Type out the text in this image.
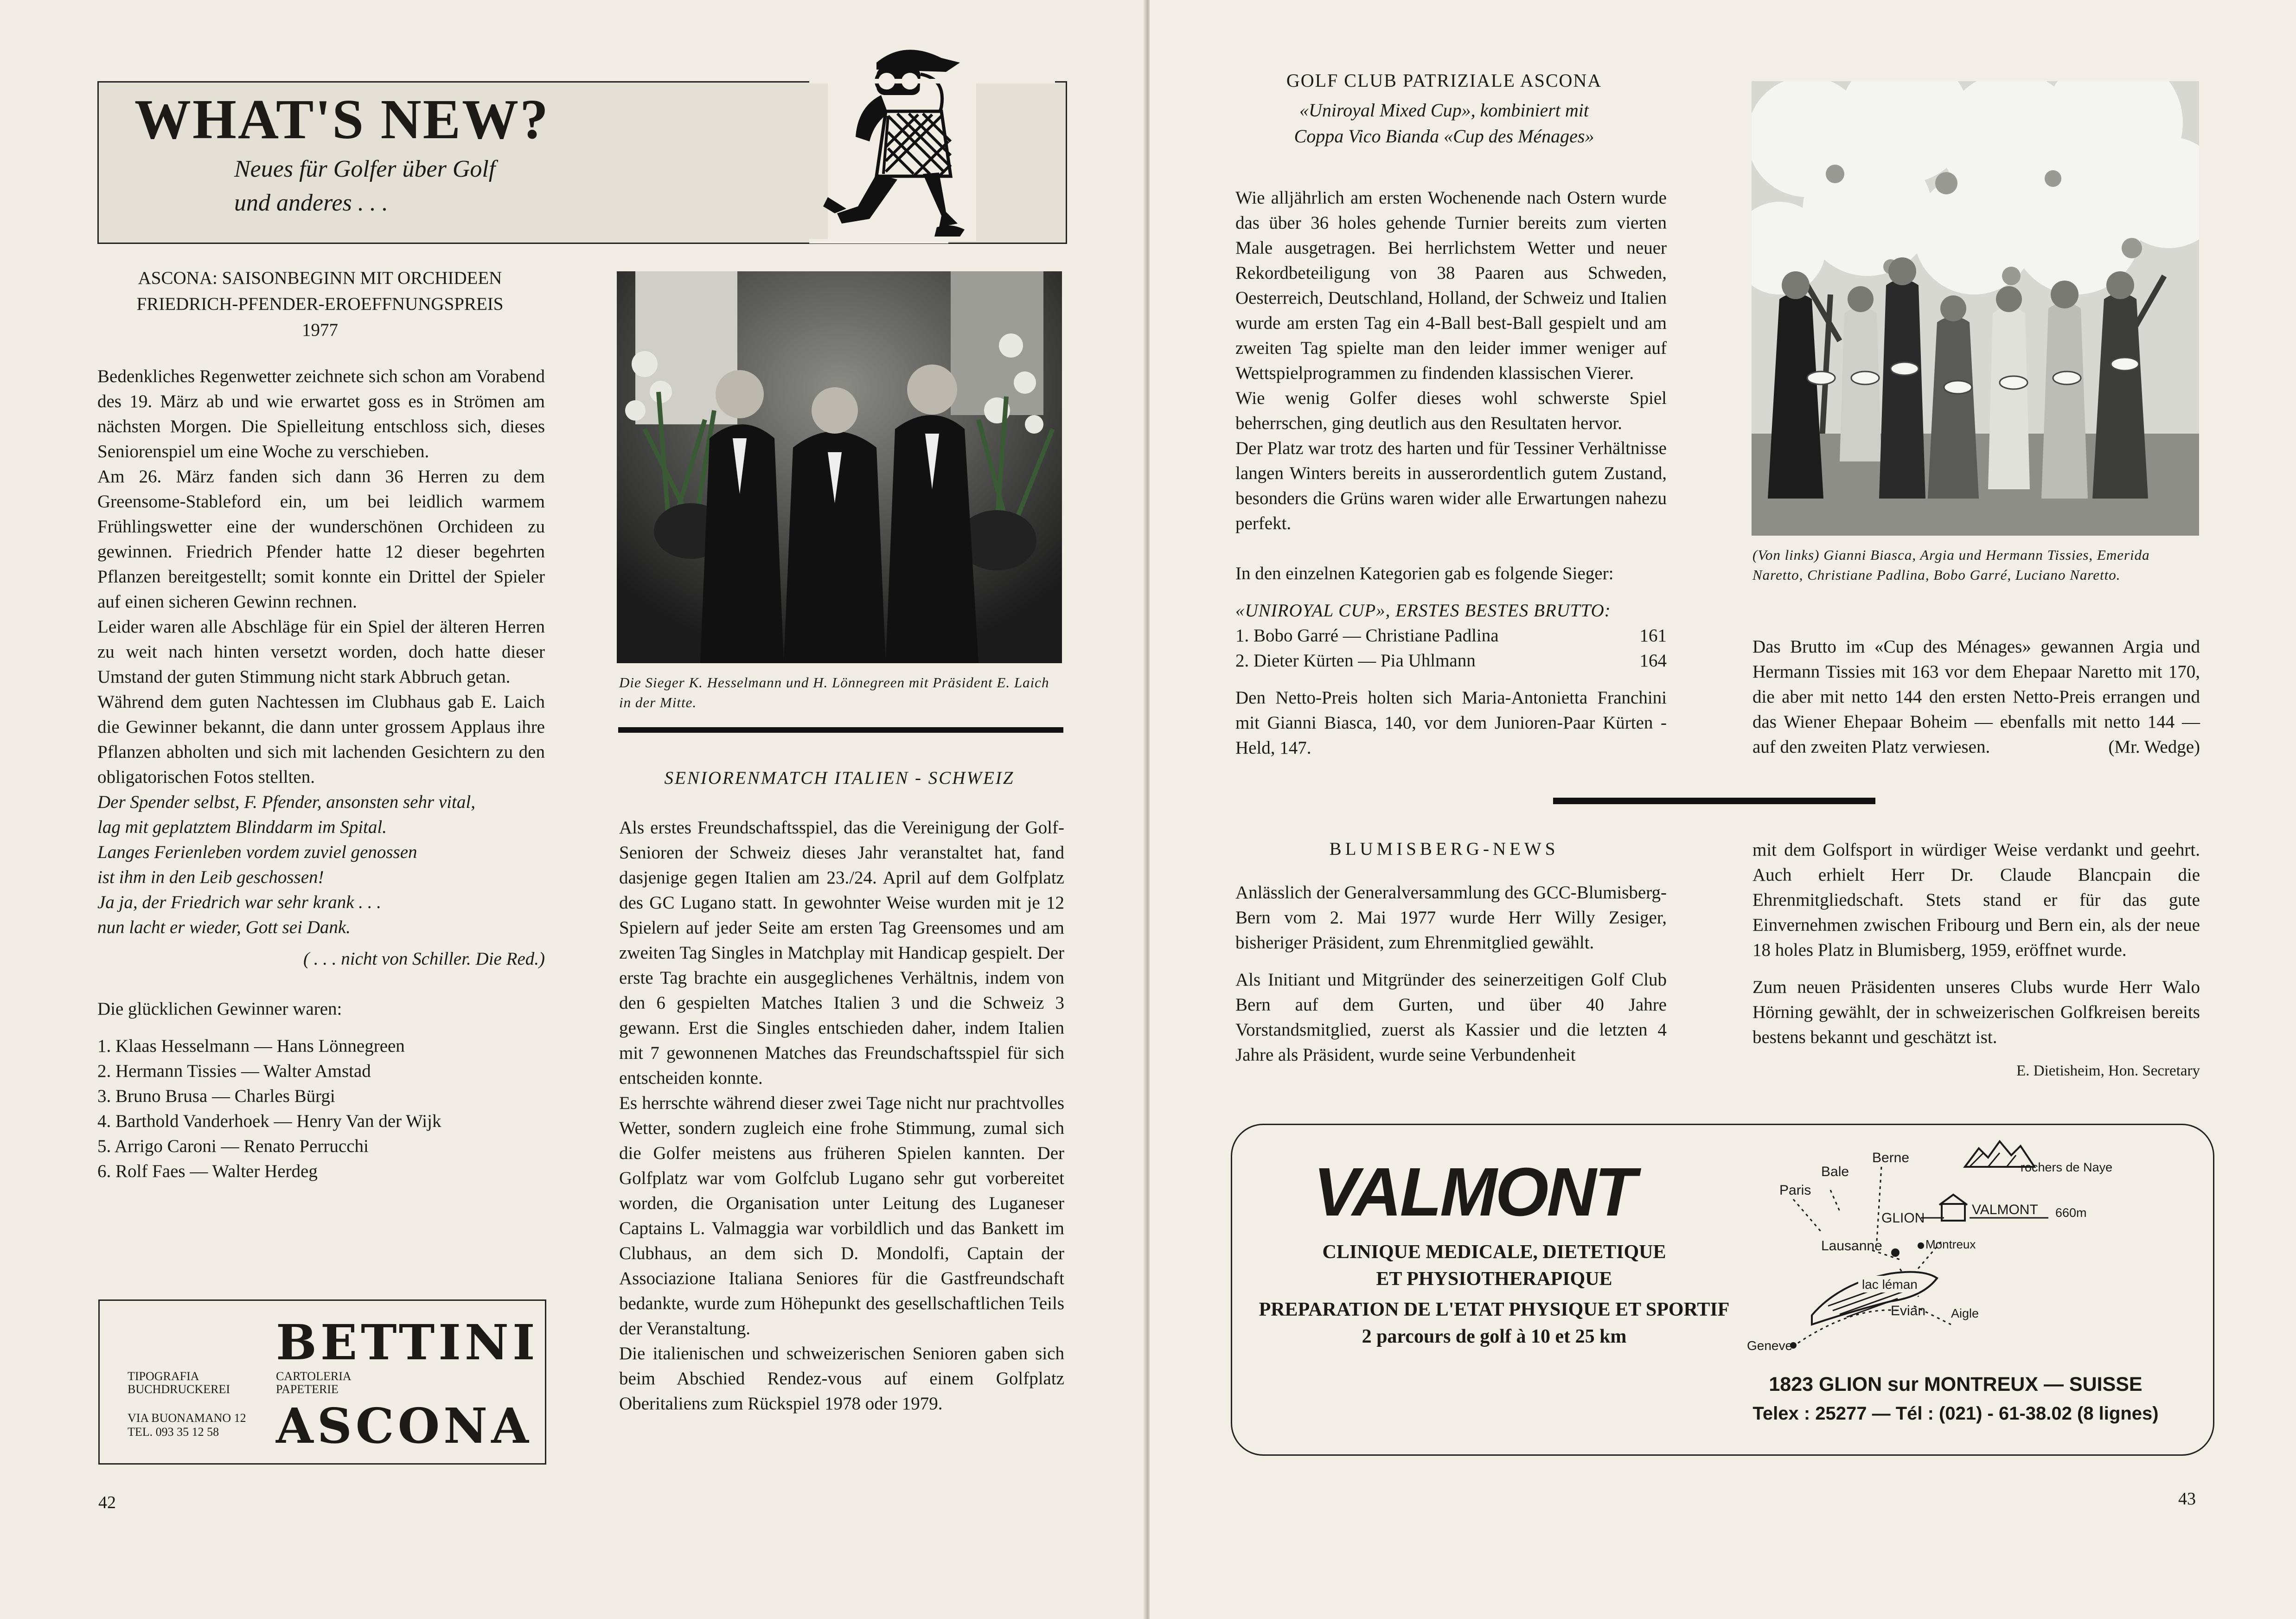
WHAT'S NEW?
Neues für Golfer über Golf
und anderes . . .
ASCONA: SAISONBEGINN MIT ORCHIDEEN
FRIEDRICH-PFENDER-EROEFFNUNGSPREIS
1977

Bedenkliches Regenwetter zeichnete sich schon am Vorabend des 19. März ab und wie erwartet goss es in Strömen am nächsten Morgen. Die Spielleitung entschloss sich, dieses Seniorenspiel um eine Woche zu verschieben.

Am 26. März fanden sich dann 36 Herren zu dem Greensome-Stableford ein, um bei leidlich warmem Frühlingswetter eine der wunderschönen Orchideen zu gewinnen. Friedrich Pfender hatte 12 dieser begehrten Pflanzen bereitgestellt; somit konnte ein Drittel der Spieler auf einen sicheren Gewinn rechnen.

Leider waren alle Abschläge für ein Spiel der älteren Herren zu weit nach hinten versetzt worden, doch hatte dieser Umstand der guten Stimmung nicht stark Abbruch getan.

Während dem guten Nachtessen im Clubhaus gab E. Laich die Gewinner bekannt, die dann unter grossem Applaus ihre Pflanzen abholten und sich mit lachenden Gesichtern zu den obligatorischen Fotos stellten.

Der Spender selbst, F. Pfender, ansonsten sehr vital,
lag mit geplatztem Blinddarm im Spital.
Langes Ferienleben vordem zuviel genossen
ist ihm in den Leib geschossen!
Ja ja, der Friedrich war sehr krank . . .
nun lacht er wieder, Gott sei Dank.
( . . . nicht von Schiller. Die Red.)
Die glücklichen Gewinner waren:
1. Klaas Hesselmann — Hans Lönnegreen
2. Hermann Tissies — Walter Amstad
3. Bruno Brusa — Charles Bürgi
4. Barthold Vanderhoek — Henry Van der Wijk
5. Arrigo Caroni — Renato Perrucchi
6. Rolf Faes — Walter Herdeg
TIPOGRAFIA
BUCHDRUCKEREI
CARTOLERIA
PAPETERIE
VIA BUONAMANO 12
TEL. 093 35 12 58
BETTINI
ASCONA
Die Sieger K. Hesselmann und H. Lönnegreen mit Präsident E. Laich in der Mitte.
SENIORENMATCH ITALIEN - SCHWEIZ

Als erstes Freundschaftsspiel, das die Vereinigung der Golf-Senioren der Schweiz dieses Jahr veranstaltet hat, fand dasjenige gegen Italien am 23./24. April auf dem Golfplatz des GC Lugano statt. In gewohnter Weise wurden mit je 12 Spielern auf jeder Seite am ersten Tag Greensomes und am zweiten Tag Singles in Matchplay mit Handicap gespielt. Der erste Tag brachte ein ausgeglichenes Verhältnis, indem von den 6 gespielten Matches Italien 3 und die Schweiz 3 gewann. Erst die Singles entschieden daher, indem Italien mit 7 gewonnenen Matches das Freundschaftsspiel für sich entscheiden konnte.

Es herrschte während dieser zwei Tage nicht nur prachtvolles Wetter, sondern zugleich eine frohe Stimmung, zumal sich die Golfer meistens aus früheren Spielen kannten. Der Golfplatz war vom Golfclub Lugano sehr gut vorbereitet worden, die Organisation unter Leitung des Luganeser Captains L. Valmaggia war vorbildlich und das Bankett im Clubhaus, an dem sich D. Mondolfi, Captain der Associazione Italiana Seniores für die Gastfreundschaft bedankte, wurde zum Höhepunkt des gesellschaftlichen Teils der Veranstaltung.

Die italienischen und schweizerischen Senioren gaben sich beim Abschied Rendez-vous auf einem Golfplatz Oberitaliens zum Rückspiel 1978 oder 1979.

42
GOLF CLUB PATRIZIALE ASCONA
«Uniroyal Mixed Cup», kombiniert mit
Coppa Vico Bianda «Cup des Ménages»

Wie alljährlich am ersten Wochenende nach Ostern wurde das über 36 holes gehende Turnier bereits zum vierten Male ausgetragen. Bei herrlichstem Wetter und neuer Rekordbeteiligung von 38 Paaren aus Schweden, Oesterreich, Deutschland, Holland, der Schweiz und Italien wurde am ersten Tag ein 4-Ball best-Ball gespielt und am zweiten Tag spielte man den leider immer weniger auf Wettspielprogrammen zu findenden klassischen Vierer.

Wie wenig Golfer dieses wohl schwerste Spiel beherrschen, ging deutlich aus den Resultaten hervor.

Der Platz war trotz des harten und für Tessiner Verhältnisse langen Winters bereits in ausserordentlich gutem Zustand, besonders die Grüns waren wider alle Erwartungen nahezu perfekt.

In den einzelnen Kategorien gab es folgende Sieger:

«UNIROYAL CUP», ERSTES BESTES BRUTTO:

1. Bobo Garré — Christiane Padlina	161
2. Dieter Kürten — Pia Uhlmann	164

Den Netto-Preis holten sich Maria-Antonietta Franchini mit Gianni Biasca, 140, vor dem Junioren-Paar Kürten - Held, 147.

(Von links) Gianni Biasca, Argia und Hermann Tissies, Emerida Naretto, Christiane Padlina, Bobo Garré, Luciano Naretto.

Das Brutto im «Cup des Ménages» gewannen Argia und Hermann Tissies mit 163 vor dem Ehepaar Naretto mit 170, die aber mit netto 144 den ersten Netto-Preis errangen und das Wiener Ehepaar Boheim — ebenfalls mit netto 144 — auf den zweiten Platz verwiesen.	(Mr. Wedge)
BLUMISBERG-NEWS

Anlässlich der Generalversammlung des GCC-Blumisberg-Bern vom 2. Mai 1977 wurde Herr Willy Zesiger, bisheriger Präsident, zum Ehrenmitglied gewählt.

Als Initiant und Mitgründer des seinerzeitigen Golf Club Bern auf dem Gurten, und über 40 Jahre Vorstandsmitglied, zuerst als Kassier und die letzten 4 Jahre als Präsident, wurde seine Verbundenheit

mit dem Golfsport in würdiger Weise verdankt und geehrt. Auch erhielt Herr Dr. Claude Blancpain die Ehrenmitgliedschaft. Stets stand er für das gute Einvernehmen zwischen Fribourg und Bern ein, als der neue 18 holes Platz in Blumisberg, 1959, eröffnet wurde.

Zum neuen Präsidenten unseres Clubs wurde Herr Walo Hörning gewählt, der in schweizerischen Golfkreisen bereits bestens bekannt und geschätzt ist.

E. Dietisheim, Hon. Secretary
VALMONT
CLINIQUE MEDICALE, DIETETIQUE
ET PHYSIOTHERAPIQUE
PREPARATION DE L'ETAT PHYSIQUE ET SPORTIF
2 parcours de golf à 10 et 25 km
Paris
Bale
Berne
rochers de Naye
Lausanne
GLION
VALMONT 660m
Montreux
lac léman
Evian Aigle
Geneve
1823 GLION sur MONTREUX — SUISSE
Telex : 25277 — Tél : (021) - 61-38.02 (8 lignes)
43
